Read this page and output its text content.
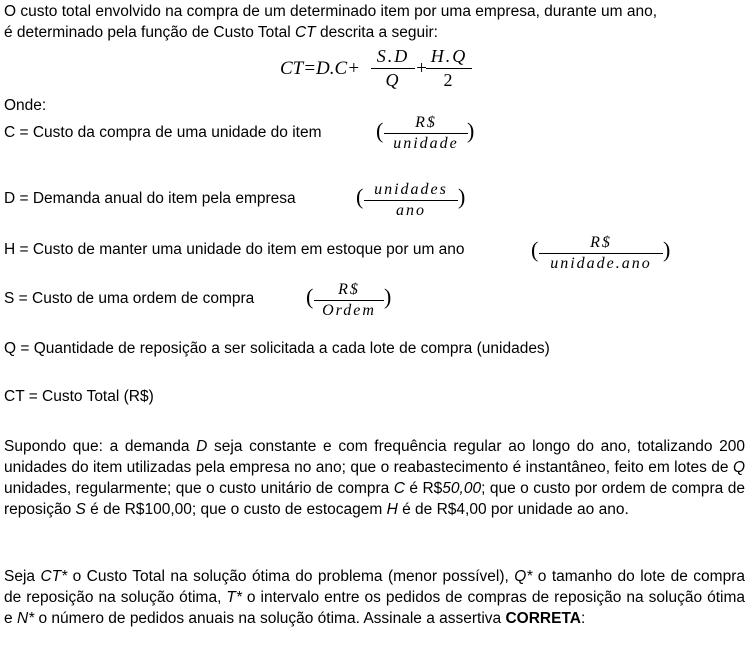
O custo total envolvido na compra de um determinado item por uma empresa, durante um ano,
é determinado pela função de Custo Total CT descrita a seguir:
CT=D.C+
S.D
Q
+
H.Q
2
Onde:
C = Custo da compra de uma unidade do item (	R$
unidade
)
D = Demanda anual do item pela empresa	( unidades
ano
)
H = Custo de manter uma unidade do item em estoque por um ano	(	R$
unidade.ano
)
S = Custo de uma ordem de compra (	R$
Ordem
)
Q = Quantidade de reposição a ser solicitada a cada lote de compra (unidades)
CT = Custo Total (R$)
Supondo que: a demanda D seja constante e com frequência regular ao longo do ano, totalizando 200 unidades do item utilizadas pela empresa no ano; que o reabastecimento é instantâneo, feito em lotes de Q unidades, regularmente; que o custo unitário de compra C é R$50,00; que o custo por ordem de compra de reposição S é de R$100,00; que o custo de estocagem H é de R$4,00 por unidade ao ano.
Seja CT* o Custo Total na solução ótima do problema (menor possível), Q* o tamanho do lote de compra de reposição na solução ótima, T* o intervalo entre os pedidos de compras de reposição na solução ótima e N* o número de pedidos anuais na solução ótima. Assinale a assertiva CORRETA:
